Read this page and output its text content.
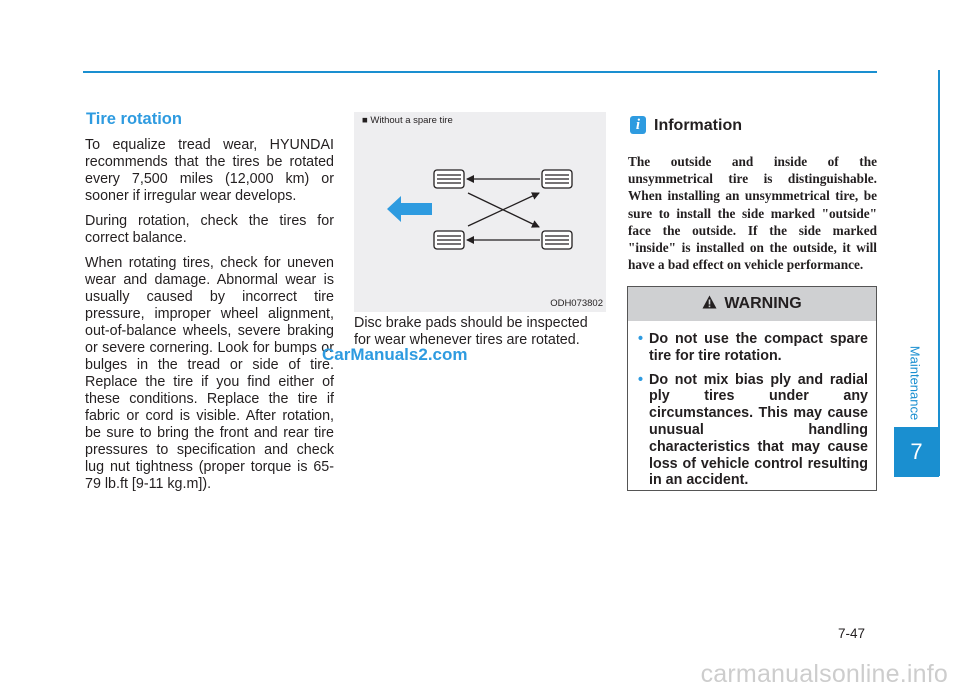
Tire rotation

To equalize tread wear, HYUNDAI recommends that the tires be rotated every 7,500 miles (12,000 km) or sooner if irregular wear develops.

During rotation, check the tires for correct balance.

When rotating tires, check for uneven wear and damage. Abnormal wear is usually caused by incorrect tire pressure, improper wheel alignment, out-of-balance wheels, severe braking or severe cornering. Look for bumps or bulges in the tread or side of tire. Replace the tire if you find either of these conditions. Replace the tire if fabric or cord is visible. After rotation, be sure to bring the front and rear tire pressures to specification and check lug nut tightness (proper torque is 65-79 lb.ft [9-11 kg.m]).

■ Without a spare tire
ODH073802

Disc brake pads should be inspected for wear whenever tires are rotated.

i Information

The outside and inside of the unsymmetrical tire is distinguishable. When installing an unsymmetrical tire, be sure to install the side marked "outside" face the outside. If the side marked "inside" is installed on the outside, it will have a bad effect on vehicle performance.

WARNING
• Do not use the compact spare tire for tire rotation.
• Do not mix bias ply and radial ply tires under any circumstances. This may cause unusual handling characteristics that may cause loss of vehicle control resulting in an accident.
Maintenance
7
CarManuals2.com
7-47
carmanualsonline.info
